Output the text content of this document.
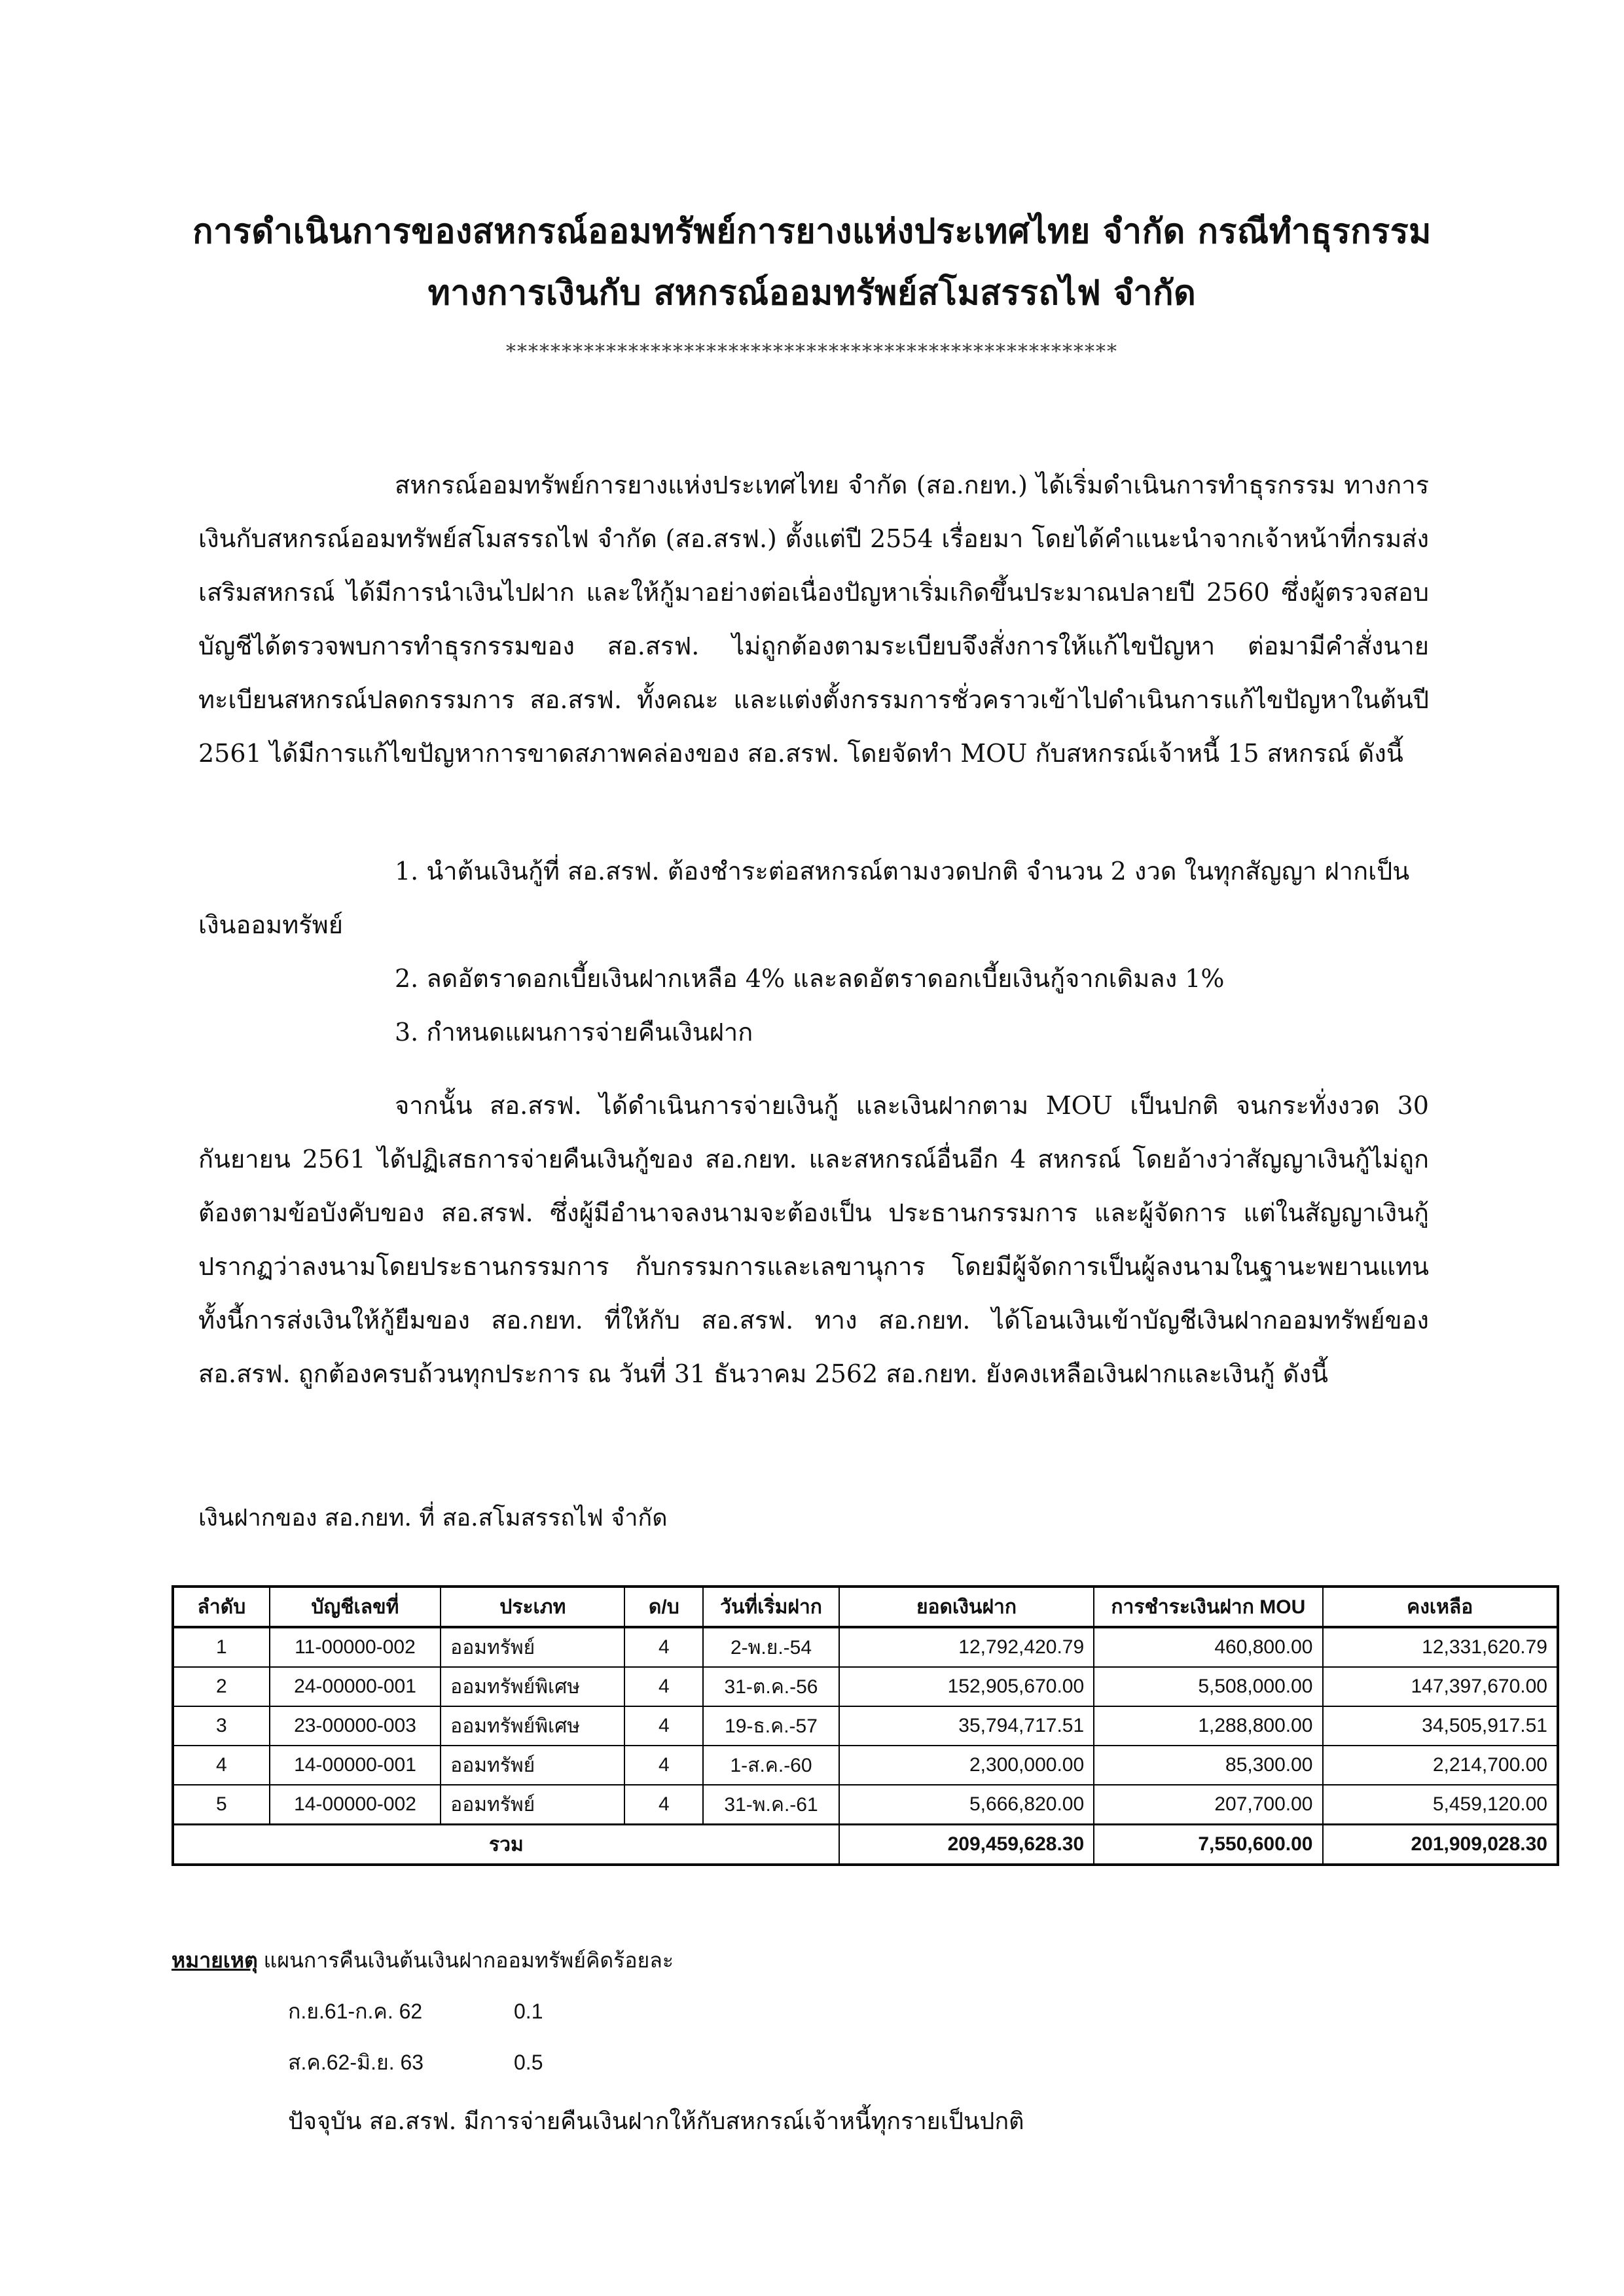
การดำเนินการของสหกรณ์ออมทรัพย์การยางแห่งประเทศไทย จำกัด กรณีทำธุรกรรม
ทางการเงินกับ สหกรณ์ออมทรัพย์สโมสรรถไฟ จำกัด
*******************************************************
สหกรณ์ออมทรัพย์การยางแห่งประเทศไทย จำกัด (สอ.กยท.) ได้เริ่มดำเนินการทำธุรกรรม ทางการเงินกับสหกรณ์ออมทรัพย์สโมสรรถไฟ จำกัด (สอ.สรฟ.) ตั้งแต่ปี 2554 เรื่อยมา โดยได้คำแนะนำจากเจ้าหน้าที่กรมส่งเสริมสหกรณ์ ได้มีการนำเงินไปฝาก และให้กู้มาอย่างต่อเนื่องปัญหาเริ่มเกิดขึ้นประมาณปลายปี 2560 ซึ่งผู้ตรวจสอบบัญชีได้ตรวจพบการทำธุรกรรมของ สอ.สรฟ. ไม่ถูกต้องตามระเบียบจึงสั่งการให้แก้ไขปัญหา ต่อมามีคำสั่งนายทะเบียนสหกรณ์ปลดกรรมการ สอ.สรฟ. ทั้งคณะ และแต่งตั้งกรรมการชั่วคราวเข้าไปดำเนินการแก้ไขปัญหาในต้นปี 2561 ได้มีการแก้ไขปัญหาการขาดสภาพคล่องของ สอ.สรฟ. โดยจัดทำ MOU กับสหกรณ์เจ้าหนี้ 15 สหกรณ์ ดังนี้
1. นำต้นเงินกู้ที่ สอ.สรฟ. ต้องชำระต่อสหกรณ์ตามงวดปกติ จำนวน 2 งวด ในทุกสัญญา ฝากเป็นเงินออมทรัพย์
2. ลดอัตราดอกเบี้ยเงินฝากเหลือ 4% และลดอัตราดอกเบี้ยเงินกู้จากเดิมลง 1%
3. กำหนดแผนการจ่ายคืนเงินฝาก
จากนั้น สอ.สรฟ. ได้ดำเนินการจ่ายเงินกู้ และเงินฝากตาม MOU เป็นปกติ จนกระทั่งงวด 30 กันยายน 2561 ได้ปฏิเสธการจ่ายคืนเงินกู้ของ สอ.กยท. และสหกรณ์อื่นอีก 4 สหกรณ์ โดยอ้างว่าสัญญาเงินกู้ไม่ถูกต้องตามข้อบังคับของ สอ.สรฟ. ซึ่งผู้มีอำนาจลงนามจะต้องเป็น ประธานกรรมการ และผู้จัดการ แต่ในสัญญาเงินกู้ปรากฏว่าลงนามโดยประธานกรรมการ กับกรรมการและเลขานุการ โดยมีผู้จัดการเป็นผู้ลงนามในฐานะพยานแทน ทั้งนี้การส่งเงินให้กู้ยืมของ สอ.กยท. ที่ให้กับ สอ.สรฟ. ทาง สอ.กยท. ได้โอนเงินเข้าบัญชีเงินฝากออมทรัพย์ของ สอ.สรฟ. ถูกต้องครบถ้วนทุกประการ ณ วันที่ 31 ธันวาคม 2562 สอ.กยท. ยังคงเหลือเงินฝากและเงินกู้ ดังนี้
เงินฝากของ สอ.กยท. ที่ สอ.สโมสรรถไฟ จำกัด
ลำดับ	บัญชีเลขที่	ประเภท	ด/บ	วันที่เริ่มฝาก	ยอดเงินฝาก	การชำระเงินฝาก MOU	คงเหลือ
1	11-00000-002	ออมทรัพย์	4	2-พ.ย.-54	12,792,420.79	460,800.00	12,331,620.79
2	24-00000-001	ออมทรัพย์พิเศษ	4	31-ต.ค.-56	152,905,670.00	5,508,000.00	147,397,670.00
3	23-00000-003	ออมทรัพย์พิเศษ	4	19-ธ.ค.-57	35,794,717.51	1,288,800.00	34,505,917.51
4	14-00000-001	ออมทรัพย์	4	1-ส.ค.-60	2,300,000.00	85,300.00	2,214,700.00
5	14-00000-002	ออมทรัพย์	4	31-พ.ค.-61	5,666,820.00	207,700.00	5,459,120.00
รวม					209,459,628.30	7,550,600.00	201,909,028.30
หมายเหตุ แผนการคืนเงินต้นเงินฝากออมทรัพย์คิดร้อยละ
ก.ย.61-ก.ค. 62	0.1
ส.ค.62-มิ.ย. 63	0.5
ปัจจุบัน สอ.สรฟ. มีการจ่ายคืนเงินฝากให้กับสหกรณ์เจ้าหนี้ทุกรายเป็นปกติ
